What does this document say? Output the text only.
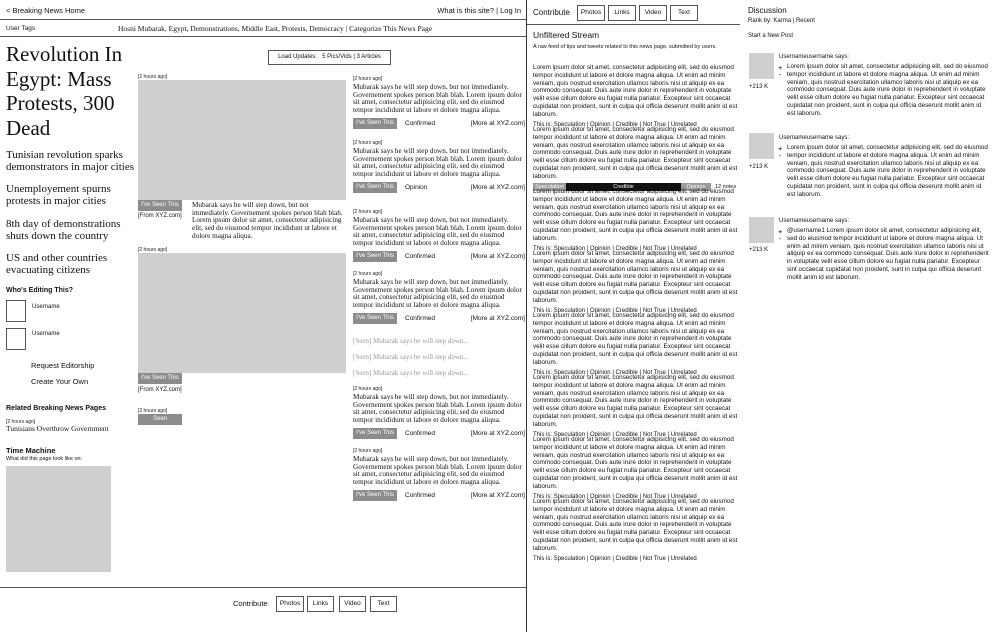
< Breaking News Home	What is this site? | Log In
User Tags	Hosni Mubarak, Egypt, Demonstrations, Middle East, Protests, Democracy | Categorize This News Page
Revolution In Egypt: Mass Protests, 300 Dead
Tunisian revolution sparks demonstrators in major cities
Unemployement spurns protests in major cities
8th day of demonstrations shuts down the country
US and other countries evacuating citizens
Who's Editing This?
Username
Username
Request Editorship
Create Your Own
Related Breaking News Pages
[2 hours ago]
Tunisians Overthrow Government
Time Machine
What did this page look like on:
Load Updates: 5 Pics/Vids | 3 Articles
[2 hours ago]
I've Seen This
[From XYZ.com]
Mubarak says he will step down, but not immediately. Governement spokes person blah blah. Lorem ipsum dolor sit amet, consectetur adipisicing elit, sed do eiusmod tempor incididunt ut labore et dolore magna aliqua.
[2 hours ago]
I've Seen This
[From XYZ.com]
[2 hours ago]
Seen
[2 hours ago]
Mubarak says he will step down, but not immediately. Governement spokes person blah blah. Lorem ipsum dolor sit amet, consectetur adipisicing elit, sed do eiusmod tempor incididunt ut labore et dolore magna aliqua.
I've Seen This	Confirmed	[More at XYZ.com]
[2 hours ago]
Mubarak says he will step down, but not immediately. Governement spokes person blah blah. Lorem ipsum dolor sit amet, consectetur adipisicing elit, sed do eiusmod tempor incididunt ut labore et dolore magna aliqua.
I've Seen This	Opinion	[More at XYZ.com]
[2 hours ago]
Mubarak says he will step down, but not immediately. Governement spokes person blah blah. Lorem ipsum dolor sit amet, consectetur adipisicing elit, sed do eiusmod tempor incididunt ut labore et dolore magna aliqua.
I've Seen This	Confirmed	[More at XYZ.com]
[2 hours ago]
Mubarak says he will step down, but not immediately. Governement spokes person blah blah. Lorem ipsum dolor sit amet, consectetur adipisicing elit, sed do eiusmod tempor incididunt ut labore et dolore magna aliqua.
I've Seen This	Confirmed	[More at XYZ.com]
[Seen] Mubarak says he will step down...
[Seen] Mubarak says he will step down...
[Seen] Mubarak says he will step down...
[2 hours ago]
Mubarak says he will step down, but not immediately. Governement spokes person blah blah. Lorem ipsum dolor sit amet, consectetur adipisicing elit, sed do eiusmod tempor incididunt ut labore et dolore magna aliqua.
I've Seen This	Confirmed	[More at XYZ.com]
[2 hours ago]
Mubarak says he will step down, but not immediately. Governement spokes person blah blah. Lorem ipsum dolor sit amet, consectetur adipisicing elit, sed do eiusmod tempor incididunt ut labore et dolore magna aliqua.
I've Seen This	Confirmed	[More at XYZ.com]
Contribute	Photos	Links	Video	Text
Contribute	Photos	Links	Video	Text
Unfiltered Stream
A raw feed of tips and tweets related to this news page, submitted by users.
Lorem ipsum dolor sit amet, consectetur adipisicing elit, sed do eiusmod tempor incididunt ut labore et dolore magna aliqua. Ut enim ad minim veniam, quis nostrud exercitation ullamco laboris nisi ut aliquip ex ea commodo consequat. Duis aute irure dolor in reprehenderit in voluptate velit esse cillum dolore eu fugiat nulla pariatur. Excepteur sint occaecat cupidatat non proident, sunt in culpa qui officia deserunt mollit anim id est laborum.
This is: Speculation | Opinion | Credible | Not True | Unrelated
Lorem ipsum dolor sit amet, consectetur adipisicing elit, sed do eiusmod tempor incididunt ut labore et dolore magna aliqua. Ut enim ad minim veniam, quis nostrud exercitation ullamco laboris nisi ut aliquip ex ea commodo consequat. Duis aute irure dolor in reprehenderit in voluptate velit esse cillum dolore eu fugiat nulla pariatur. Excepteur sint occaecat cupidatat non proident, sunt in culpa qui officia deserunt mollit anim id est laborum.
Speculation	Credible	Opinion	12 notes
Lorem ipsum dolor sit amet, consectetur adipisicing elit, sed do eiusmod tempor incididunt ut labore et dolore magna aliqua. Ut enim ad minim veniam, quis nostrud exercitation ullamco laboris nisi ut aliquip ex ea commodo consequat. Duis aute irure dolor in reprehenderit in voluptate velit esse cillum dolore eu fugiat nulla pariatur. Excepteur sint occaecat cupidatat non proident, sunt in culpa qui officia deserunt mollit anim id est laborum.
This is: Speculation | Opinion | Credible | Not True | Unrelated
Lorem ipsum dolor sit amet, consectetur adipisicing elit, sed do eiusmod tempor incididunt ut labore et dolore magna aliqua. Ut enim ad minim veniam, quis nostrud exercitation ullamco laboris nisi ut aliquip ex ea commodo consequat. Duis aute irure dolor in reprehenderit in voluptate velit esse cillum dolore eu fugiat nulla pariatur. Excepteur sint occaecat cupidatat non proident, sunt in culpa qui officia deserunt mollit anim id est laborum.
This is: Speculation | Opinion | Credible | Not True | Unrelated
Lorem ipsum dolor sit amet, consectetur adipisicing elit, sed do eiusmod tempor incididunt ut labore et dolore magna aliqua. Ut enim ad minim veniam, quis nostrud exercitation ullamco laboris nisi ut aliquip ex ea commodo consequat. Duis aute irure dolor in reprehenderit in voluptate velit esse cillum dolore eu fugiat nulla pariatur. Excepteur sint occaecat cupidatat non proident, sunt in culpa qui officia deserunt mollit anim id est laborum.
This is: Speculation | Opinion | Credible | Not True | Unrelated
Lorem ipsum dolor sit amet, consectetur adipisicing elit, sed do eiusmod tempor incididunt ut labore et dolore magna aliqua. Ut enim ad minim veniam, quis nostrud exercitation ullamco laboris nisi ut aliquip ex ea commodo consequat. Duis aute irure dolor in reprehenderit in voluptate velit esse cillum dolore eu fugiat nulla pariatur. Excepteur sint occaecat cupidatat non proident, sunt in culpa qui officia deserunt mollit anim id est laborum.
This is: Speculation | Opinion | Credible | Not True | Unrelated
Lorem ipsum dolor sit amet, consectetur adipisicing elit, sed do eiusmod tempor incididunt ut labore et dolore magna aliqua. Ut enim ad minim veniam, quis nostrud exercitation ullamco laboris nisi ut aliquip ex ea commodo consequat. Duis aute irure dolor in reprehenderit in voluptate velit esse cillum dolore eu fugiat nulla pariatur. Excepteur sint occaecat cupidatat non proident, sunt in culpa qui officia deserunt mollit anim id est laborum.
This is: Speculation | Opinion | Credible | Not True | Unrelated
Lorem ipsum dolor sit amet, consectetur adipisicing elit, sed do eiusmod tempor incididunt ut labore et dolore magna aliqua. Ut enim ad minim veniam, quis nostrud exercitation ullamco laboris nisi ut aliquip ex ea commodo consequat. Duis aute irure dolor in reprehenderit in voluptate velit esse cillum dolore eu fugiat nulla pariatur. Excepteur sint occaecat cupidatat non proident, sunt in culpa qui officia deserunt mollit anim id est laborum.
This is: Speculation | Opinion | Credible | Not True | Unrelated
Discussion
Rank by: Karma | Recent
Start a New Post
+213 K
Usernameusername says:
+
-
Lorem ipsum dolor sit amet, consectetur adipisicing elit, sed do eiusmod tempor incididunt ut labore et dolore magna aliqua. Ut enim ad minim veniam, quis nostrud exercitation ullamco laboris nisi ut aliquip ex ea commodo consequat. Duis aute irure dolor in reprehenderit in voluptate velit esse cillum dolore eu fugiat nulla pariatur. Excepteur sint occaecat cupidatat non proident, sunt in culpa qui officia deserunt mollit anim id est laborum.
+213 K
Usernameusername says:
+
-
Lorem ipsum dolor sit amet, consectetur adipisicing elit, sed do eiusmod tempor incididunt ut labore et dolore magna aliqua. Ut enim ad minim veniam, quis nostrud exercitation ullamco laboris nisi ut aliquip ex ea commodo consequat. Duis aute irure dolor in reprehenderit in voluptate velit esse cillum dolore eu fugiat nulla pariatur. Excepteur sint occaecat cupidatat non proident, sunt in culpa qui officia deserunt mollit anim id est laborum.
+213 K
Usernameusername says:
+
-
@username1 Lorem ipsum dolor sit amet, consectetur adipisicing elit, sed do eiusmod tempor incididunt ut labore et dolore magna aliqua. Ut enim ad minim veniam, quis nostrud exercitation ullamco laboris nisi ut aliquip ex ea commodo consequat. Duis aute irure dolor in reprehenderit in voluptate velit esse cillum dolore eu fugiat nulla pariatur. Excepteur sint occaecat cupidatat non proident, sunt in culpa qui officia deserunt mollit anim id est laborum.
